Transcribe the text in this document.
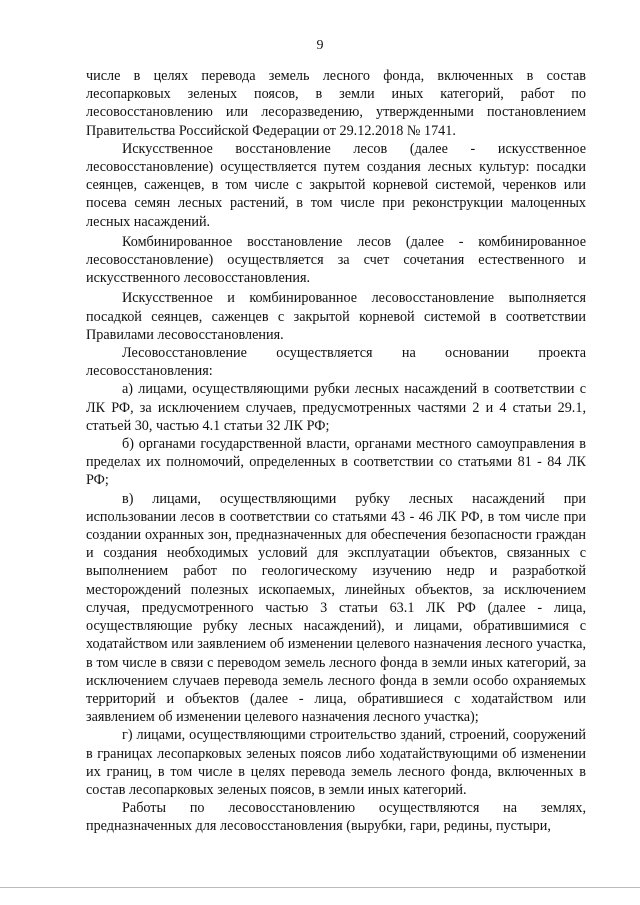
9

числе в целях перевода земель лесного фонда, включенных в состав лесопарковых зеленых поясов, в земли иных категорий, работ по лесовосстановлению или лесоразведению, утвержденными постановлением Правительства Российской Федерации от 29.12.2018 № 1741.

Искусственное восстановление лесов (далее - искусственное лесовосстановление) осуществляется путем создания лесных культур: посадки сеянцев, саженцев, в том числе с закрытой корневой системой, черенков или посева семян лесных растений, в том числе при реконструкции малоценных лесных насаждений.

Комбинированное восстановление лесов (далее - комбинированное лесовосстановление) осуществляется за счет сочетания естественного и искусственного лесовосстановления.

Искусственное и комбинированное лесовосстановление выполняется посадкой сеянцев, саженцев с закрытой корневой системой в соответствии Правилами лесовосстановления.

Лесовосстановление осуществляется на основании проекта лесовосстановления:

а) лицами, осуществляющими рубки лесных насаждений в соответствии с ЛК РФ, за исключением случаев, предусмотренных частями 2 и 4 статьи 29.1, статьей 30, частью 4.1 статьи 32 ЛК РФ;

б) органами государственной власти, органами местного самоуправления в пределах их полномочий, определенных в соответствии со статьями 81 - 84 ЛК РФ;

в) лицами, осуществляющими рубку лесных насаждений при использовании лесов в соответствии со статьями 43 - 46 ЛК РФ, в том числе при создании охранных зон, предназначенных для обеспечения безопасности граждан и создания необходимых условий для эксплуатации объектов, связанных с выполнением работ по геологическому изучению недр и разработкой месторождений полезных ископаемых, линейных объектов, за исключением случая, предусмотренного частью 3 статьи 63.1 ЛК РФ (далее - лица, осуществляющие рубку лесных насаждений), и лицами, обратившимися с ходатайством или заявлением об изменении целевого назначения лесного участка, в том числе в связи с переводом земель лесного фонда в земли иных категорий, за исключением случаев перевода земель лесного фонда в земли особо охраняемых территорий и объектов (далее - лица, обратившиеся с ходатайством или заявлением об изменении целевого назначения лесного участка);

г) лицами, осуществляющими строительство зданий, строений, сооружений в границах лесопарковых зеленых поясов либо ходатайствующими об изменении их границ, в том числе в целях перевода земель лесного фонда, включенных в состав лесопарковых зеленых поясов, в земли иных категорий.

Работы по лесовосстановлению осуществляются на землях, предназначенных для лесовосстановления (вырубки, гари, редины, пустыри,
